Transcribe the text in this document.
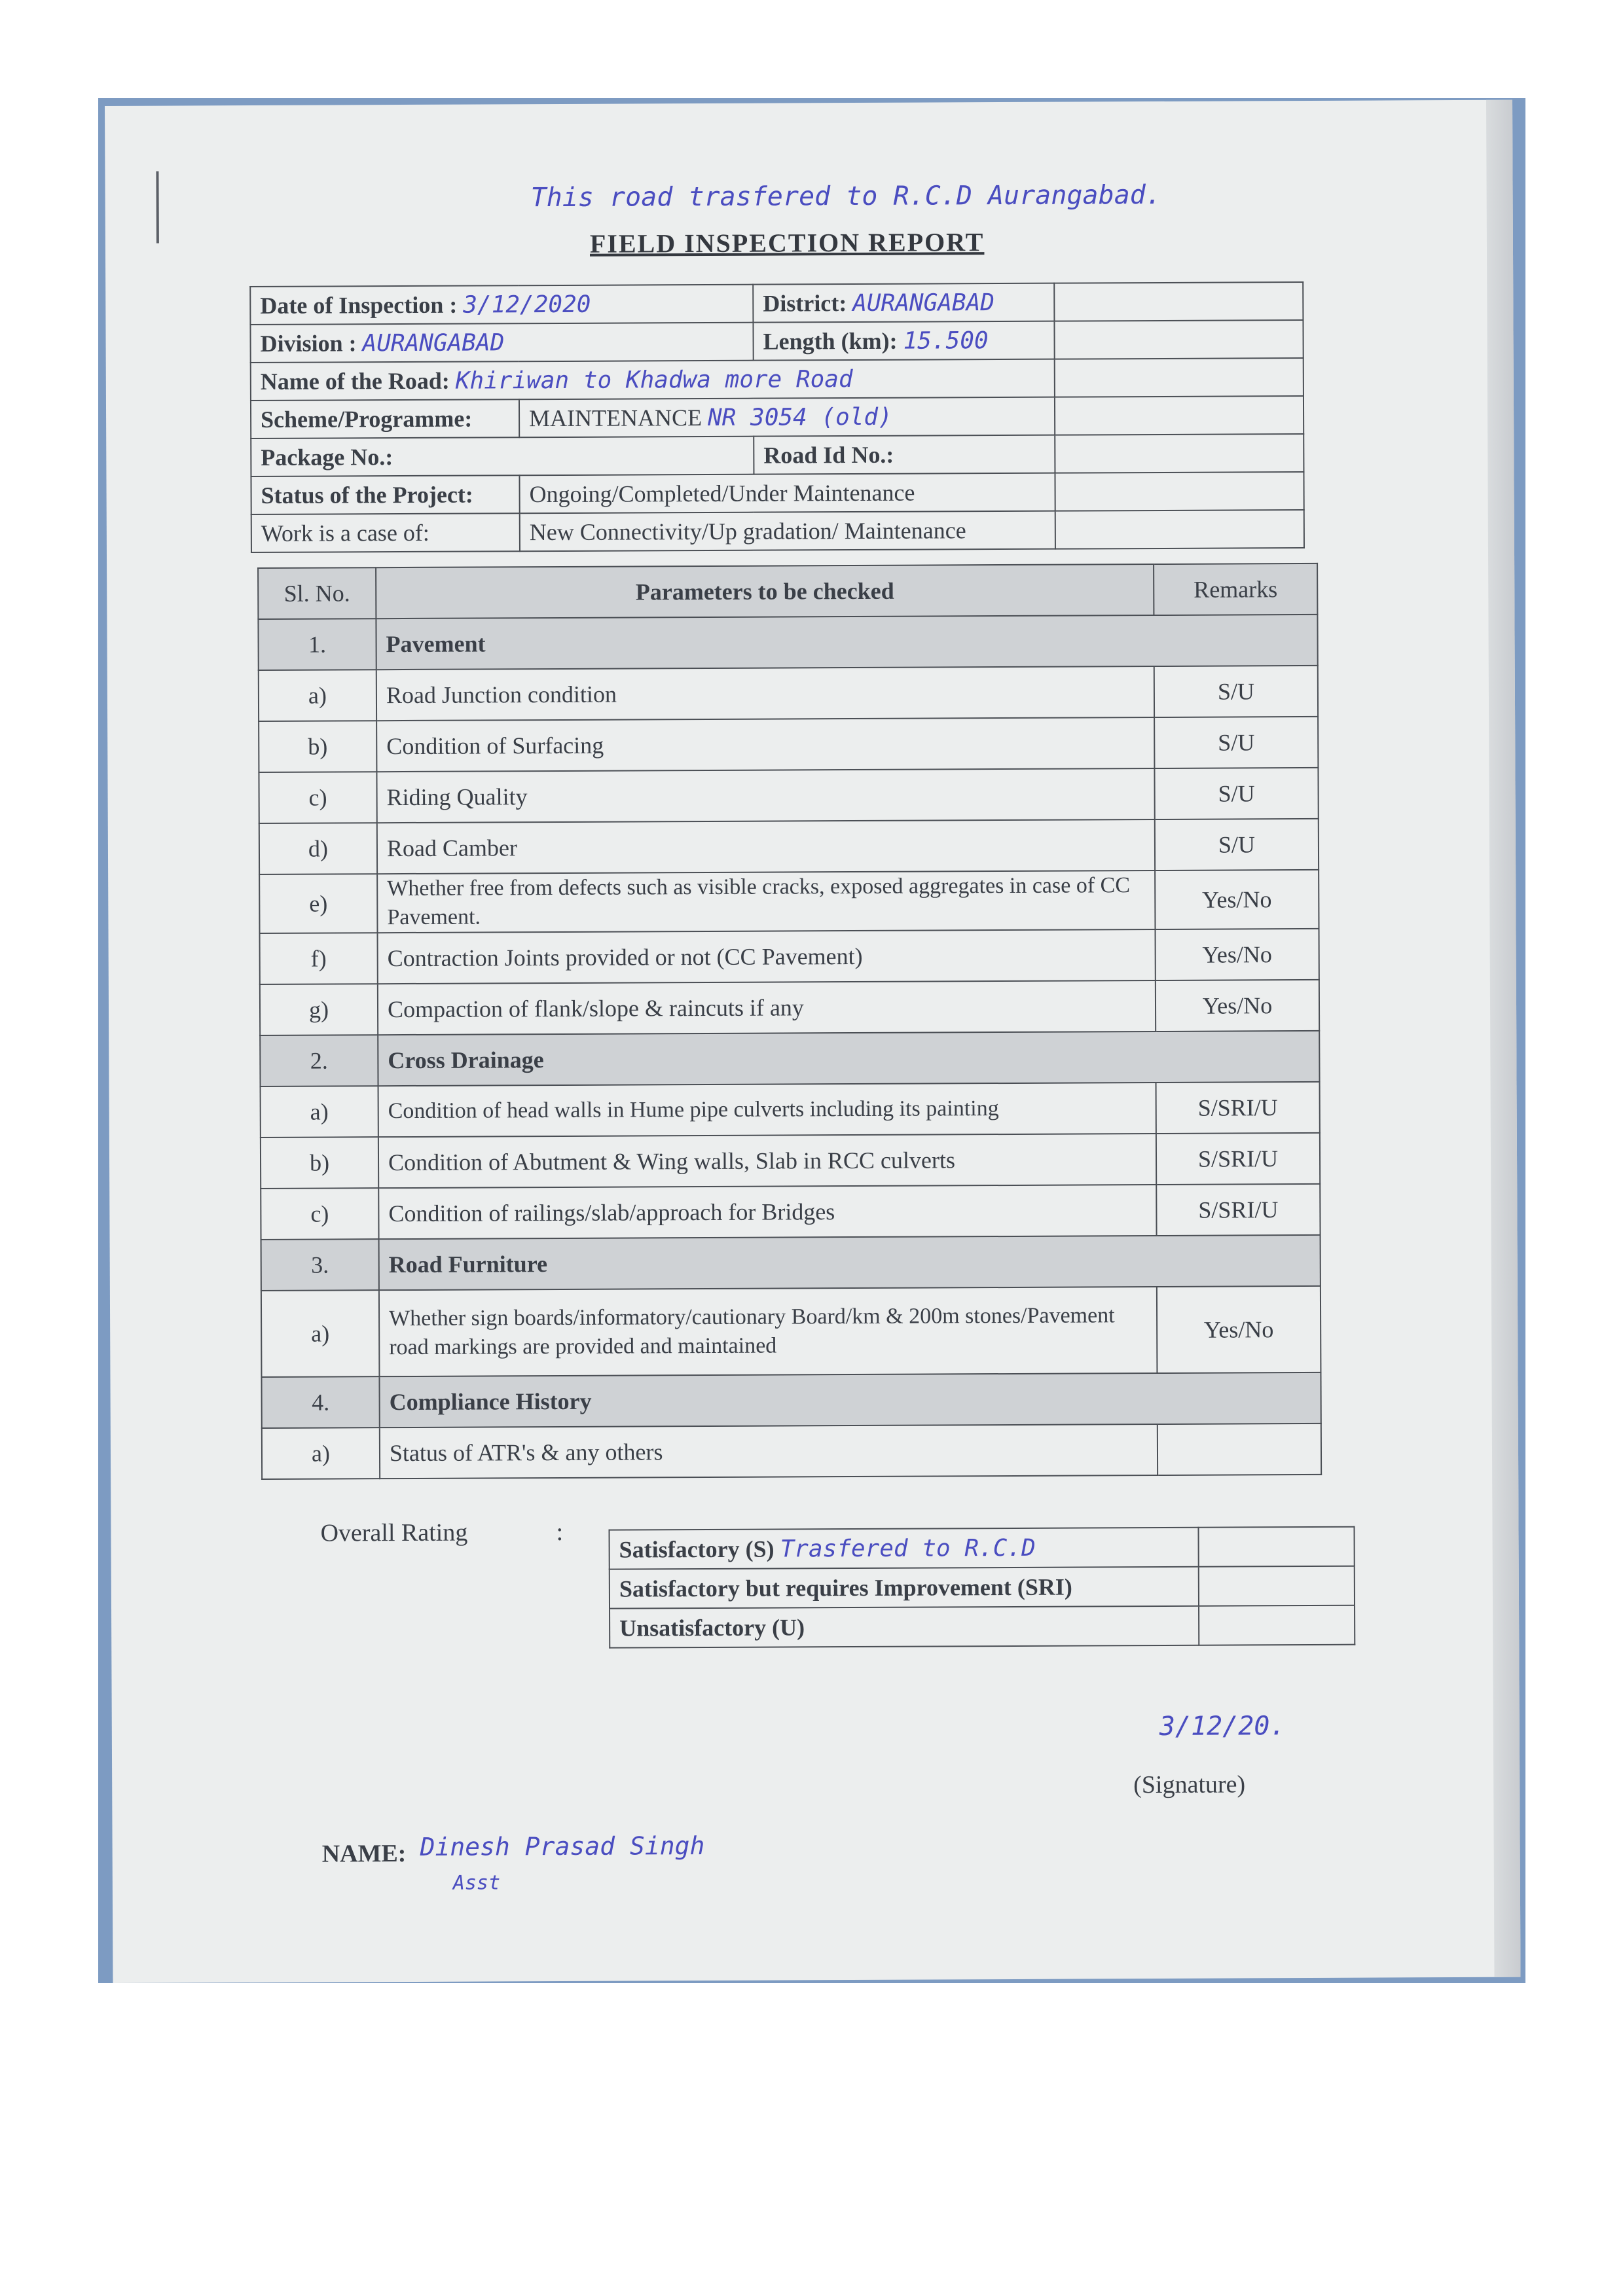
This road trasfered to R.C.D Aurangabad.
FIELD INSPECTION REPORT
Date of Inspection : 3/12/2020		District: AURANGABAD	
Division : AURANGABAD		Length (km): 15.500	
Name of the Road: Khiriwan to Khadwa more Road			
Scheme/Programme:	MAINTENANCE NR 3054 (old)		
Package No.:		Road Id No.:	
Status of the Project:	Ongoing/Completed/Under Maintenance		
Work is a case of:	New Connectivity/Up gradation/ Maintenance		
Sl. No.	Parameters to be checked	Remarks
1.	Pavement	
a)	Road Junction condition	S/U
b)	Condition of Surfacing	S/U
c)	Riding Quality	S/U
d)	Road Camber	S/U
e)	Whether free from defects such as visible cracks, exposed aggregates in case of CC Pavement.	Yes/No
f)	Contraction Joints provided or not (CC Pavement)	Yes/No
g)	Compaction of flank/slope & raincuts if any	Yes/No
2.	Cross Drainage	
a)	Condition of head walls in Hume pipe culverts including its painting	S/SRI/U
b)	Condition of Abutment & Wing walls, Slab in RCC culverts	S/SRI/U
c)	Condition of railings/slab/approach for Bridges	S/SRI/U
3.	Road Furniture	
a)	Whether sign boards/informatory/cautionary Board/km & 200m stones/Pavement road markings are provided and maintained	Yes/No
4.	Compliance History	
a)	Status of ATR's & any others	
Overall Rating	:
Satisfactory (S) Trasfered to R.C.D	
Satisfactory but requires Improvement (SRI)	
Unsatisfactory (U)	
3/12/20.
(Signature)
NAME: Dinesh Prasad Singh
Asst
